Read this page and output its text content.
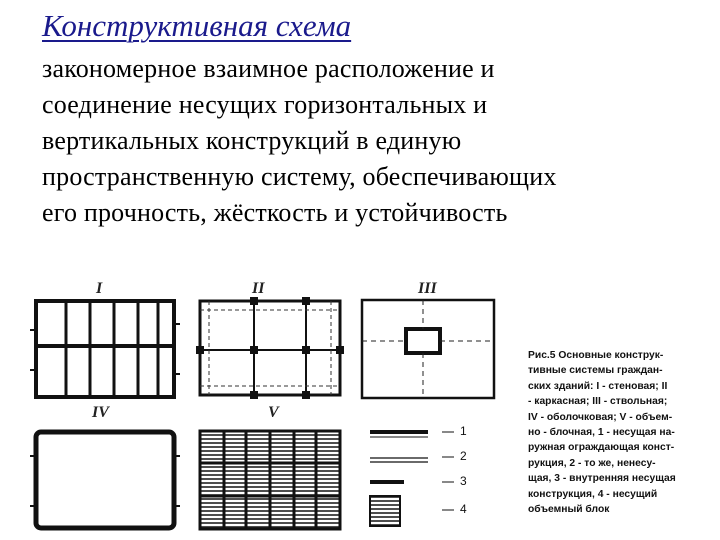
Конструктивная схема
закономерное взаимное расположение и
соединение несущих горизонтальных и
вертикальных конструкций в единую
пространственную систему, обеспечивающих
его прочность, жёсткость и устойчивость
I	II	III
IV	V
1
2
3
4
Рис.5 Основные конструк-
тивные системы граждан-
ских зданий: I - стеновая; II
- каркасная; III - ствольная;
IV - оболочковая; V - объем-
но - блочная, 1 - несущая на-
ружная ограждающая конст-
рукция, 2 - то же, ненесу-
щая, 3 - внутренняя несущая
конструкция, 4 - несущий
объемный блок
